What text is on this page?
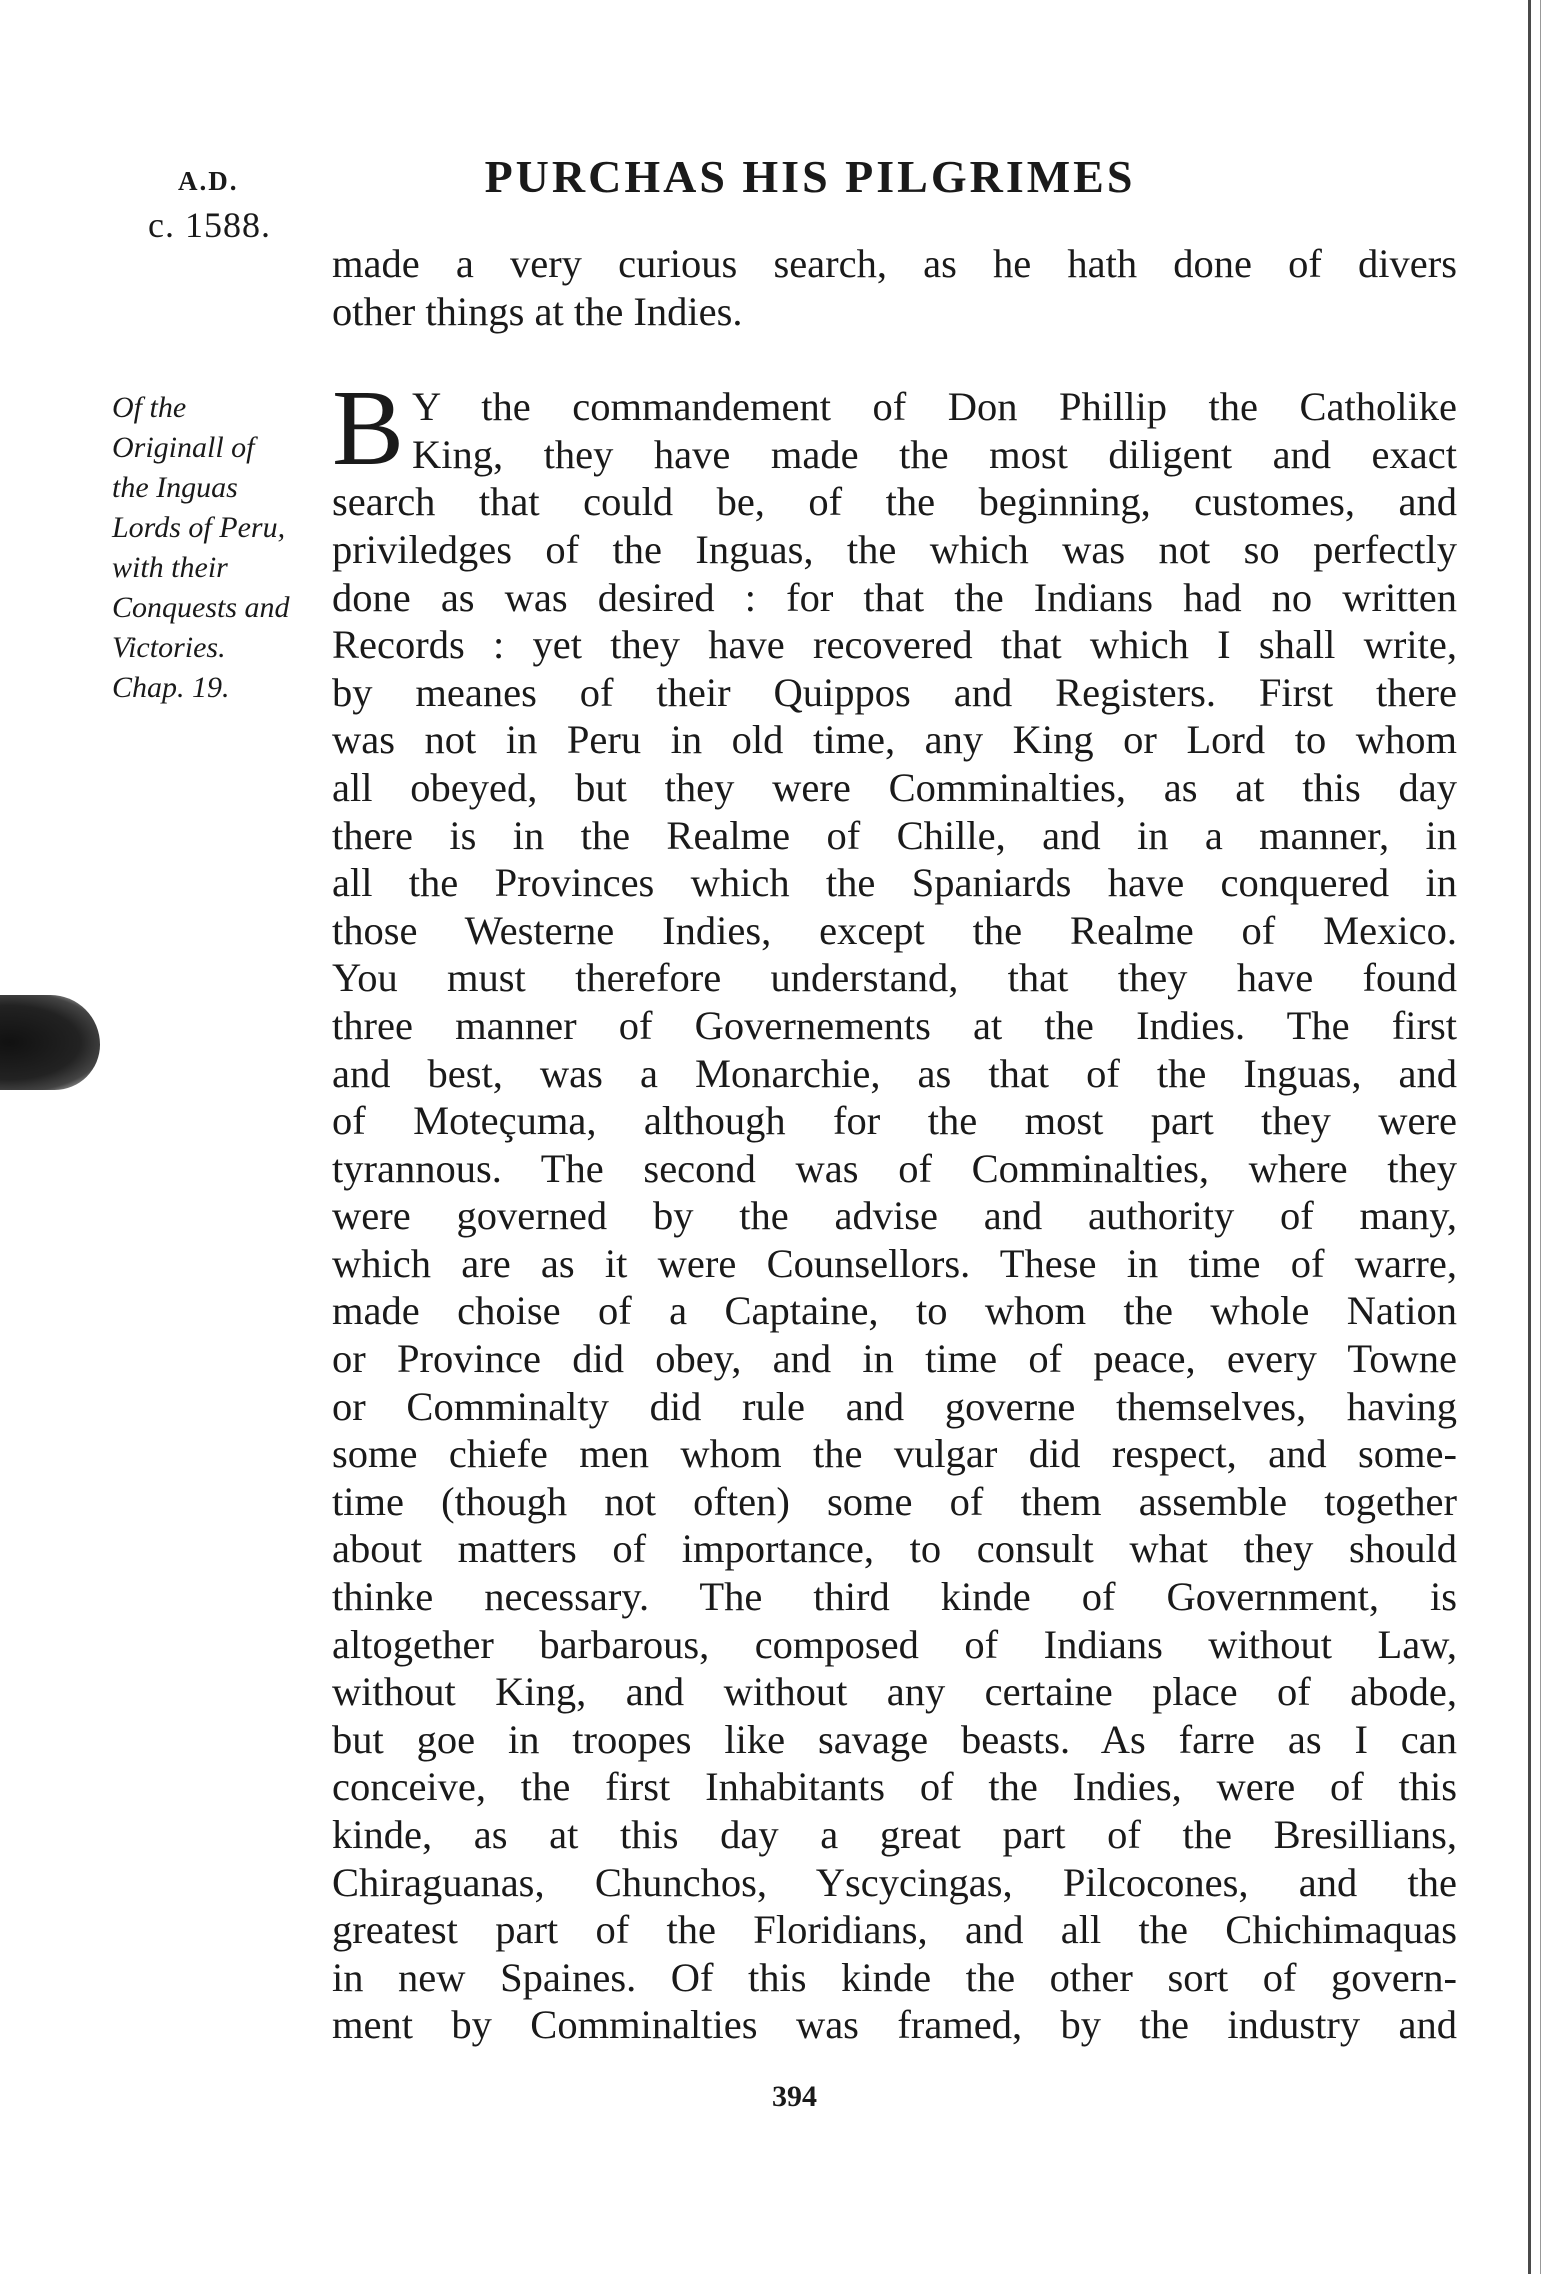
A.D.
c. 1588.
PURCHAS HIS PILGRIMES
Of the
Originall of
the Inguas
Lords of Peru,
with their
Conquests and
Victories.
Chap. 19.
made a very curious search, as he hath done of divers
other things at the Indies.
B Y the commandement of Don Phillip the Catholike
King, they have made the most diligent and exact
search that could be, of the beginning, customes, and
priviledges of the Inguas, the which was not so perfectly
done as was desired : for that the Indians had no written
Records : yet they have recovered that which I shall write,
by meanes of their Quippos and Registers. First there
was not in Peru in old time, any King or Lord to whom
all obeyed, but they were Comminalties, as at this day
there is in the Realme of Chille, and in a manner, in
all the Provinces which the Spaniards have conquered in
those Westerne Indies, except the Realme of Mexico.
You must therefore understand, that they have found
three manner of Governements at the Indies. The first
and best, was a Monarchie, as that of the Inguas, and
of Moteçuma, although for the most part they were
tyrannous. The second was of Comminalties, where they
were governed by the advise and authority of many,
which are as it were Counsellors. These in time of warre,
made choise of a Captaine, to whom the whole Nation
or Province did obey, and in time of peace, every Towne
or Comminalty did rule and governe themselves, having
some chiefe men whom the vulgar did respect, and some-
time (though not often) some of them assemble together
about matters of importance, to consult what they should
thinke necessary. The third kinde of Government, is
altogether barbarous, composed of Indians without Law,
without King, and without any certaine place of abode,
but goe in troopes like savage beasts. As farre as I can
conceive, the first Inhabitants of the Indies, were of this
kinde, as at this day a great part of the Bresillians,
Chiraguanas, Chunchos, Yscycingas, Pilcocones, and the
greatest part of the Floridians, and all the Chichimaquas
in new Spaines. Of this kinde the other sort of govern-
ment by Comminalties was framed, by the industry and
394
